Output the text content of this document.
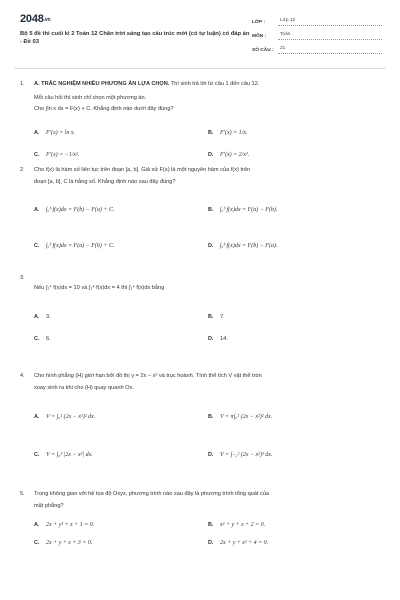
2048.vn
Bộ 5 đề thi cuối kì 2 Toán 12 Chân trời sáng tạo cấu trúc mới (có tự luận) có đáp án - Đề 03
LỚP :	Lớp 12
MÔN :	Toán
SỐ CÂU :	21
1.	A. TRẮC NGHIỆM NHIỀU PHƯƠNG ÁN LỰA CHỌN. Thí sinh trả lời từ câu 1 đến câu 12.
Mỗi câu hỏi thí sinh chỉ chọn một phương án.
Cho ∫ln x dx = F(x) + C. Khẳng định nào dưới đây đúng?
A.	F′(x) = ln x.	B.	F′(x) = 1/x.
C.	F′(x) = −1/x².	D.	F′(x) = 2/x².
2.	Cho f(x) là hàm số liên tục trên đoạn [a, b]. Giả sử F(x) là một nguyên hàm của f(x) trên
đoạn [a, b], C là hằng số. Khẳng định nào sau đây đúng?
A.	∫ₐᵇ f(x)dx = F(b) − F(a) + C.	B.	∫ₐᵇ f(x)dx = F(a) − F(b).
C.	∫ₐᵇ f(x)dx = F(a) − F(b) + C.	D.	∫ₐᵇ f(x)dx = F(b) − F(a).
3.
Nếu ∫₁⁴ f(x)dx = 10 và ∫₁⁴ f(x)dx = 4 thì ∫₁⁴ f(x)dx bằng
A.	3.	B.	7.
C.	6.	D.	14.
4.	Cho hình phẳng (H) giới hạn bởi đồ thị y = 2x − x² và trục hoành. Tính thể tích V vật thể tròn
xoay sinh ra khi cho (H) quay quanh Ox.
A.	V = ∫₀² (2x − x²)² dx.	B.	V = π∫₀² (2x − x²)² dx.
C.	V = ∫₀² |2x − x²| dx.	D.	V = ∫₋₂² (2x − x²)² dx.
5.	Trong không gian với hệ tọa độ Oxyz, phương trình nào sau đây là phương trình tổng quát của
mặt phẳng?
A.	2x + y² + z + 1 = 0.	B.	x² + y + z + 2 = 0.
C.	2x + y + z + 3 = 0.	D.	2x + y + z² + 4 = 0.
